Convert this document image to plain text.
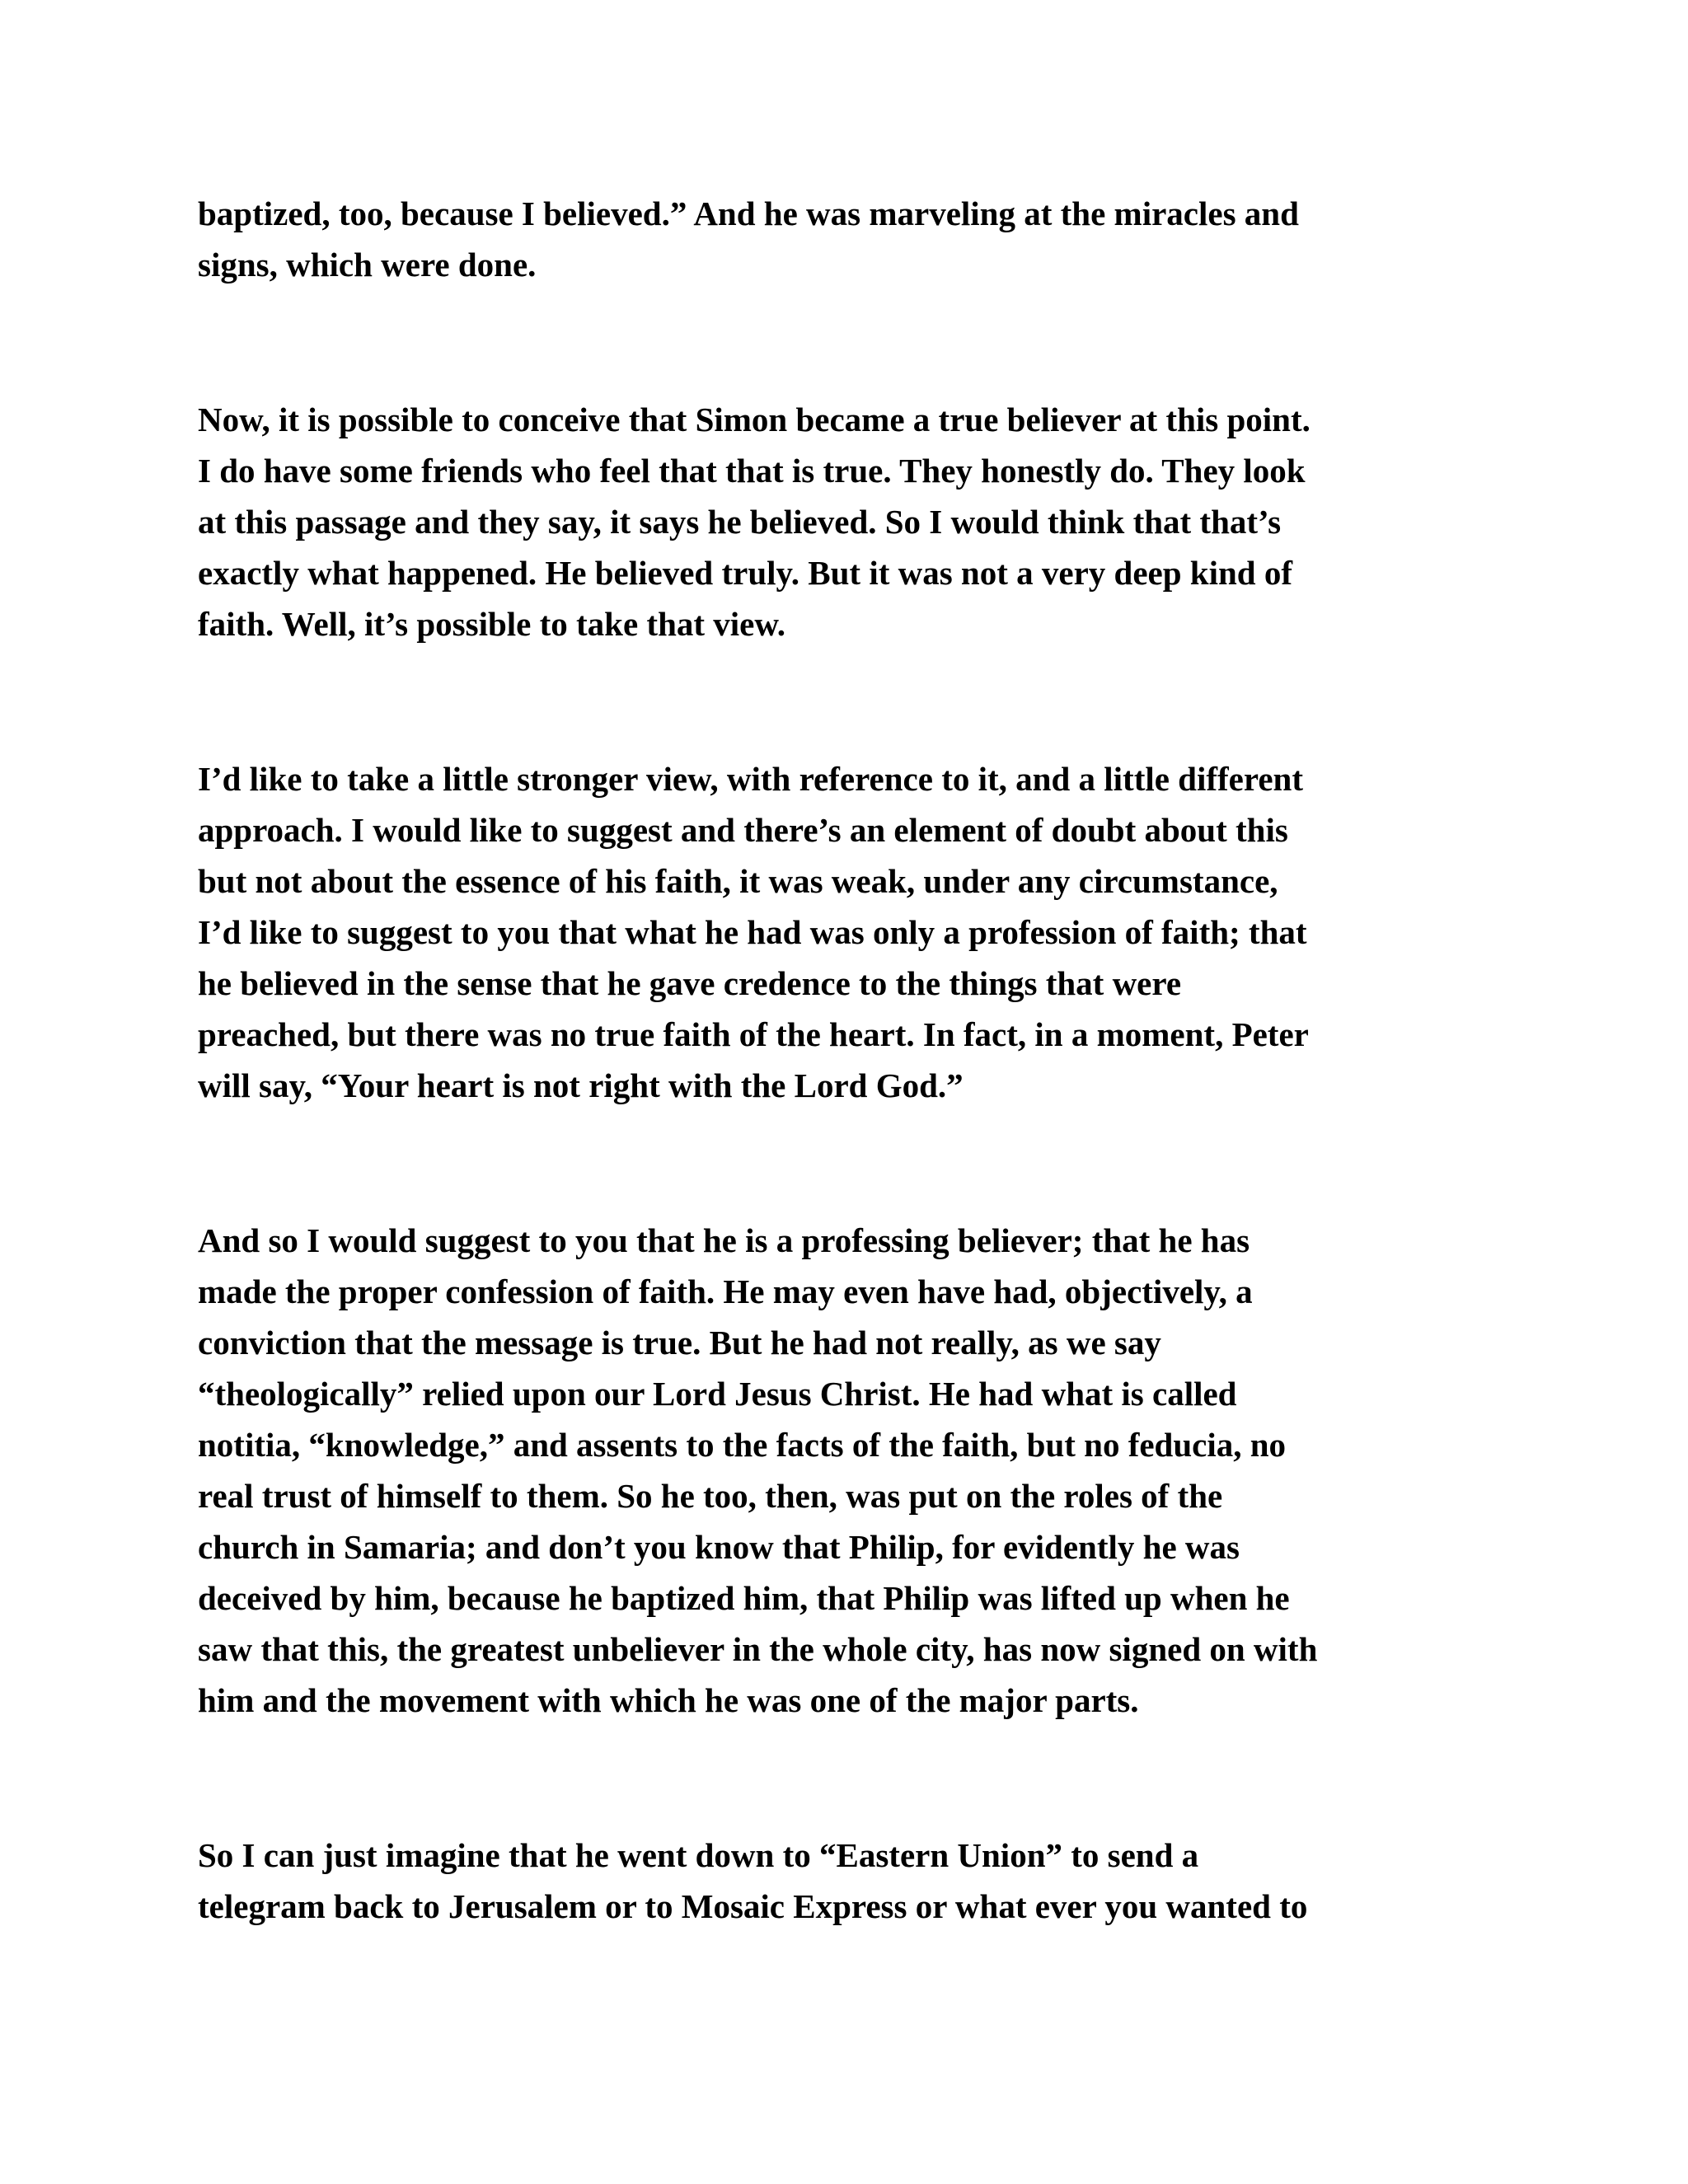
baptized, too, because I believed.” And he was marveling at the miracles and
signs, which were done.
Now, it is possible to conceive that Simon became a true believer at this point.
I do have some friends who feel that that is true. They honestly do. They look
at this passage and they say, it says he believed. So I would think that that’s
exactly what happened. He believed truly. But it was not a very deep kind of
faith. Well, it’s possible to take that view.
I’d like to take a little stronger view, with reference to it, and a little different
approach. I would like to suggest and there’s an element of doubt about this
but not about the essence of his faith, it was weak, under any circumstance,
I’d like to suggest to you that what he had was only a profession of faith; that
he believed in the sense that he gave credence to the things that were
preached, but there was no true faith of the heart. In fact, in a moment, Peter
will say, “Your heart is not right with the Lord God.”
And so I would suggest to you that he is a professing believer; that he has
made the proper confession of faith. He may even have had, objectively, a
conviction that the message is true. But he had not really, as we say
“theologically” relied upon our Lord Jesus Christ. He had what is called
notitia, “knowledge,” and assents to the facts of the faith, but no feducia, no
real trust of himself to them. So he too, then, was put on the roles of the
church in Samaria; and don’t you know that Philip, for evidently he was
deceived by him, because he baptized him, that Philip was lifted up when he
saw that this, the greatest unbeliever in the whole city, has now signed on with
him and the movement with which he was one of the major parts.
So I can just imagine that he went down to “Eastern Union” to send a
telegram back to Jerusalem or to Mosaic Express or what ever you wanted to
